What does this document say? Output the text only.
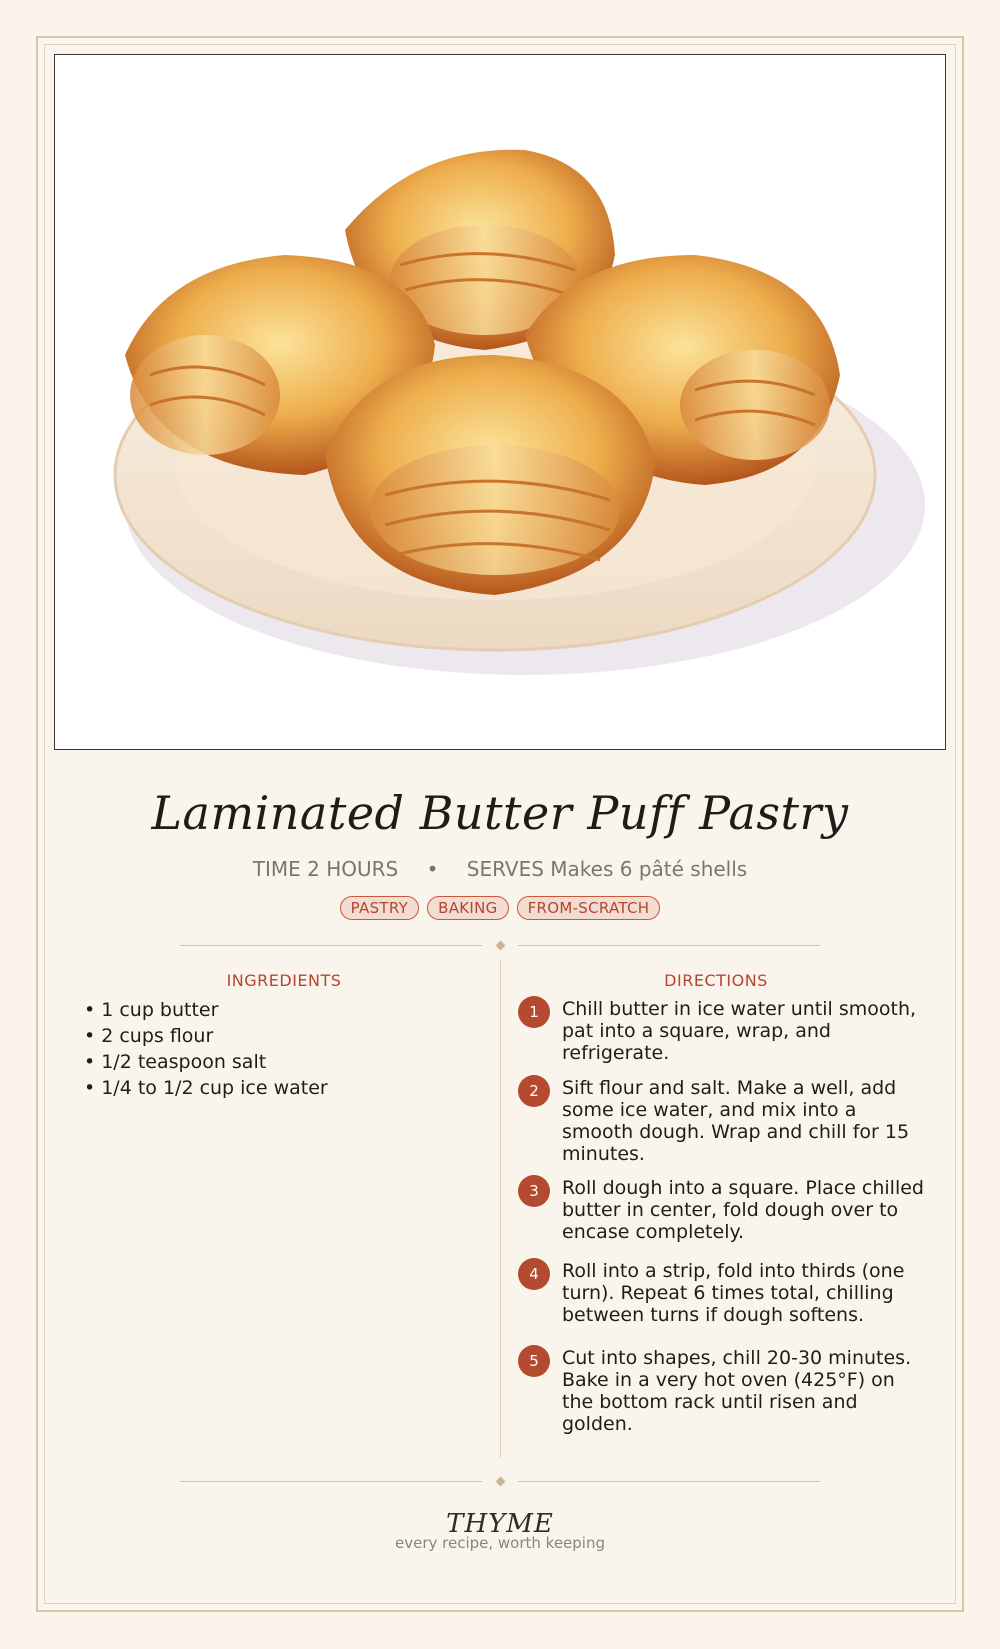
Laminated Butter Puff Pastry
TIME 2 HOURS • SERVES Makes 6 pâté shells
PASTRY BAKING FROM-SCRATCH
INGREDIENTS
• 1 cup butter
• 2 cups flour
• 1/2 teaspoon salt
• 1/4 to 1/2 cup ice water
DIRECTIONS
1	Chill butter in ice water until smooth, pat into a square, wrap, and refrigerate.
2	Sift flour and salt. Make a well, add some ice water, and mix into a smooth dough. Wrap and chill for 15 minutes.
3	Roll dough into a square. Place chilled butter in center, fold dough over to encase completely.
4	Roll into a strip, fold into thirds (one turn). Repeat 6 times total, chilling between turns if dough softens.
5	Cut into shapes, chill 20-30 minutes. Bake in a very hot oven (425°F) on the bottom rack until risen and golden.
THYME
every recipe, worth keeping
